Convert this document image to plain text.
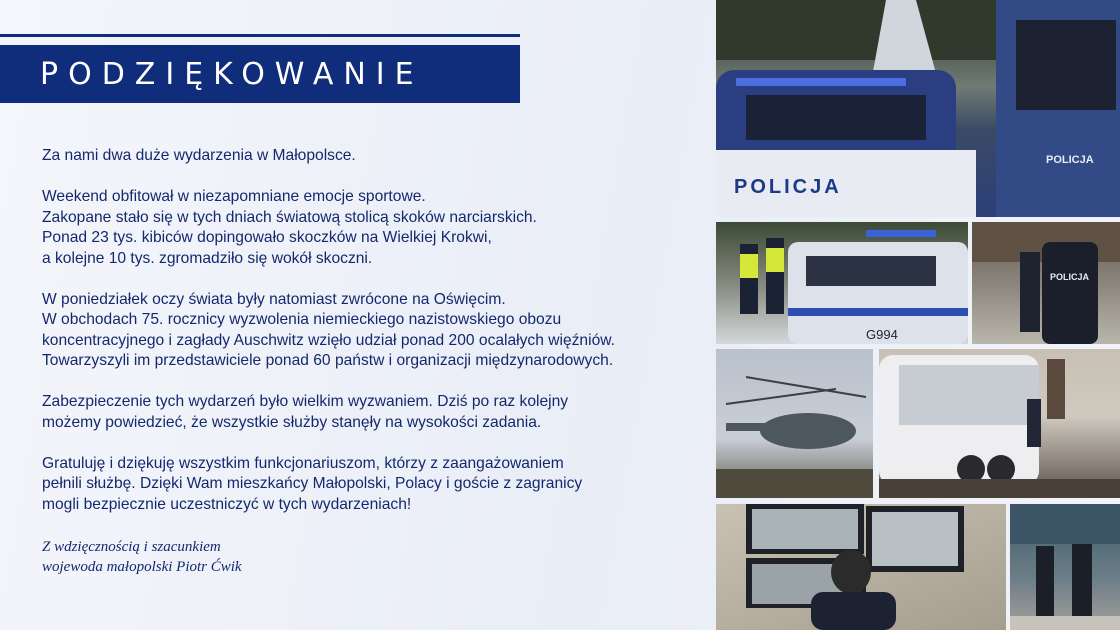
PODZIĘKOWANIE

Za nami dwa duże wydarzenia w Małopolsce.

Weekend obfitował w niezapomniane emocje sportowe.
Zakopane stało się w tych dniach światową stolicą skoków narciarskich.
Ponad 23 tys. kibiców dopingowało skoczków na Wielkiej Krokwi,
a kolejne 10 tys. zgromadziło się wokół skoczni.

W poniedziałek oczy świata były natomiast zwrócone na Oświęcim.
W obchodach 75. rocznicy wyzwolenia niemieckiego nazistowskiego obozu
koncentracyjnego i zagłady Auschwitz wzięło udział ponad 200 ocalałych więźniów.
Towarzyszyli im przedstawiciele ponad 60 państw i organizacji międzynarodowych.

Zabezpieczenie tych wydarzeń było wielkim wyzwaniem. Dziś po raz kolejny
możemy powiedzieć, że wszystkie służby stanęły na wysokości zadania.

Gratuluję i dziękuję wszystkim funkcjonariuszom, którzy z zaangażowaniem
pełnili służbę. Dzięki Wam mieszkańcy Małopolski, Polacy i goście z zagranicy
mogli bezpiecznie uczestniczyć w tych wydarzeniach!

Z wdzięcznością i szacunkiem
wojewoda małopolski Piotr Ćwik
POLICJA
POLICJA
G994
POLICJA
